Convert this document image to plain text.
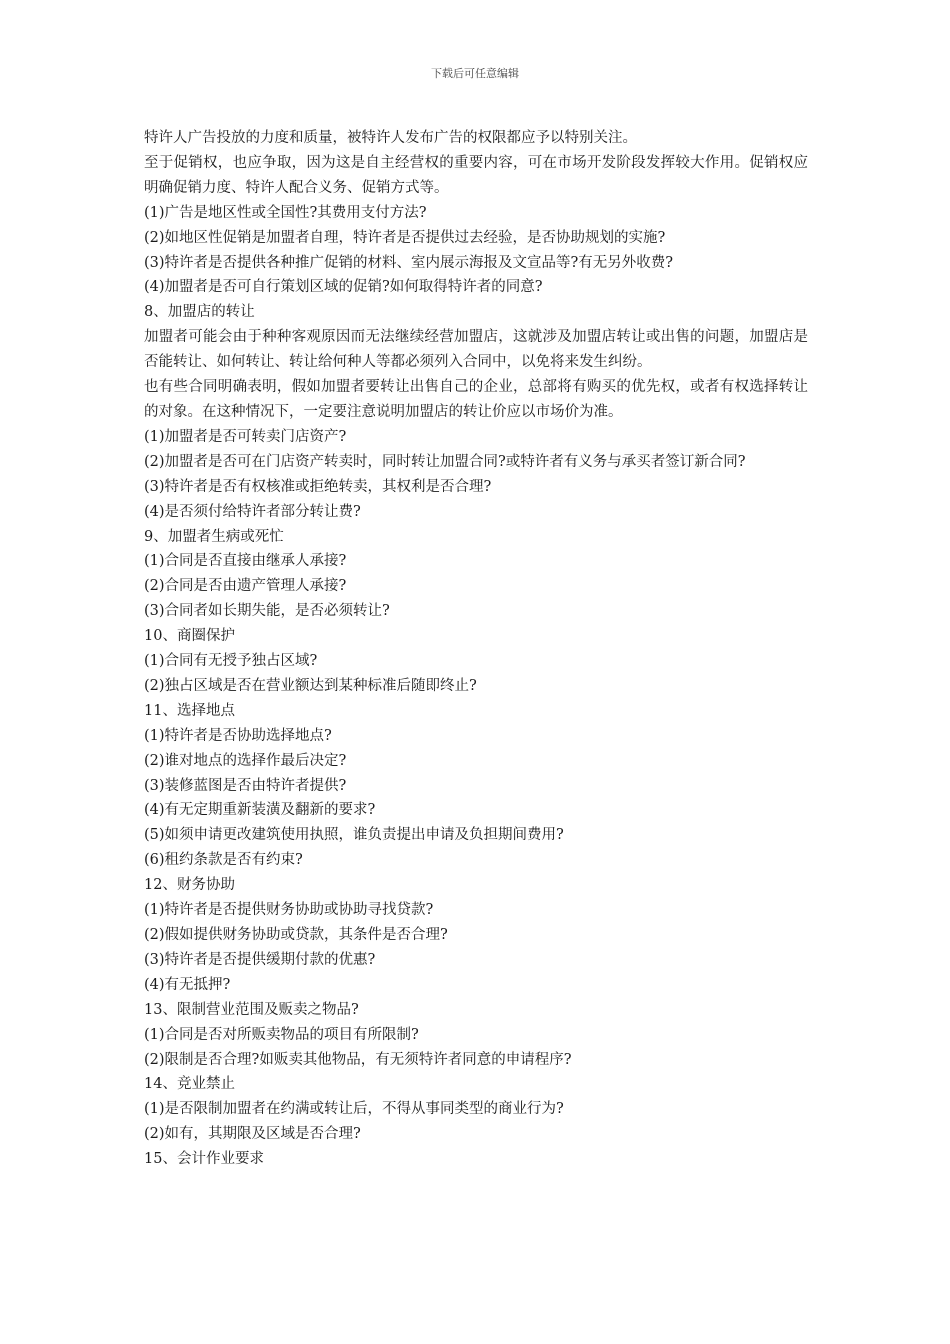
下载后可任意编辑

特许人广告投放的力度和质量，被特许人发布广告的权限都应予以特别关注。

至于促销权，也应争取，因为这是自主经营权的重要内容，可在市场开发阶段发挥较大作用。促销权应明确促销力度、特许人配合义务、促销方式等。

(1)广告是地区性或全国性?其费用支付方法?

(2)如地区性促销是加盟者自理，特许者是否提供过去经验，是否协助规划的实施?

(3)特许者是否提供各种推广促销的材料、室内展示海报及文宣品等?有无另外收费?

(4)加盟者是否可自行策划区域的促销?如何取得特许者的同意?

8、加盟店的转让

加盟者可能会由于种种客观原因而无法继续经营加盟店，这就涉及加盟店转让或出售的问题，加盟店是否能转让、如何转让、转让给何种人等都必须列入合同中，以免将来发生纠纷。

也有些合同明确表明，假如加盟者要转让出售自己的企业，总部将有购买的优先权，或者有权选择转让的对象。在这种情况下，一定要注意说明加盟店的转让价应以市场价为准。

(1)加盟者是否可转卖门店资产?

(2)加盟者是否可在门店资产转卖时，同时转让加盟合同?或特许者有义务与承买者签订新合同?

(3)特许者是否有权核准或拒绝转卖，其权利是否合理?

(4)是否须付给特许者部分转让费?

9、加盟者生病或死忙

(1)合同是否直接由继承人承接?

(2)合同是否由遗产管理人承接?

(3)合同者如长期失能，是否必须转让?

10、商圈保护

(1)合同有无授予独占区域?

(2)独占区域是否在营业额达到某种标准后随即终止?

11、选择地点

(1)特许者是否协助选择地点?

(2)谁对地点的选择作最后决定?

(3)装修蓝图是否由特许者提供?

(4)有无定期重新装潢及翻新的要求?

(5)如须申请更改建筑使用执照，谁负责提出申请及负担期间费用?

(6)租约条款是否有约束?

12、财务协助

(1)特许者是否提供财务协助或协助寻找贷款?

(2)假如提供财务协助或贷款，其条件是否合理?

(3)特许者是否提供缓期付款的优惠?

(4)有无抵押?

13、限制营业范围及贩卖之物品?

(1)合同是否对所贩卖物品的项目有所限制?

(2)限制是否合理?如贩卖其他物品，有无须特许者同意的申请程序?

14、竞业禁止

(1)是否限制加盟者在约满或转让后，不得从事同类型的商业行为?

(2)如有，其期限及区域是否合理?

15、会计作业要求
